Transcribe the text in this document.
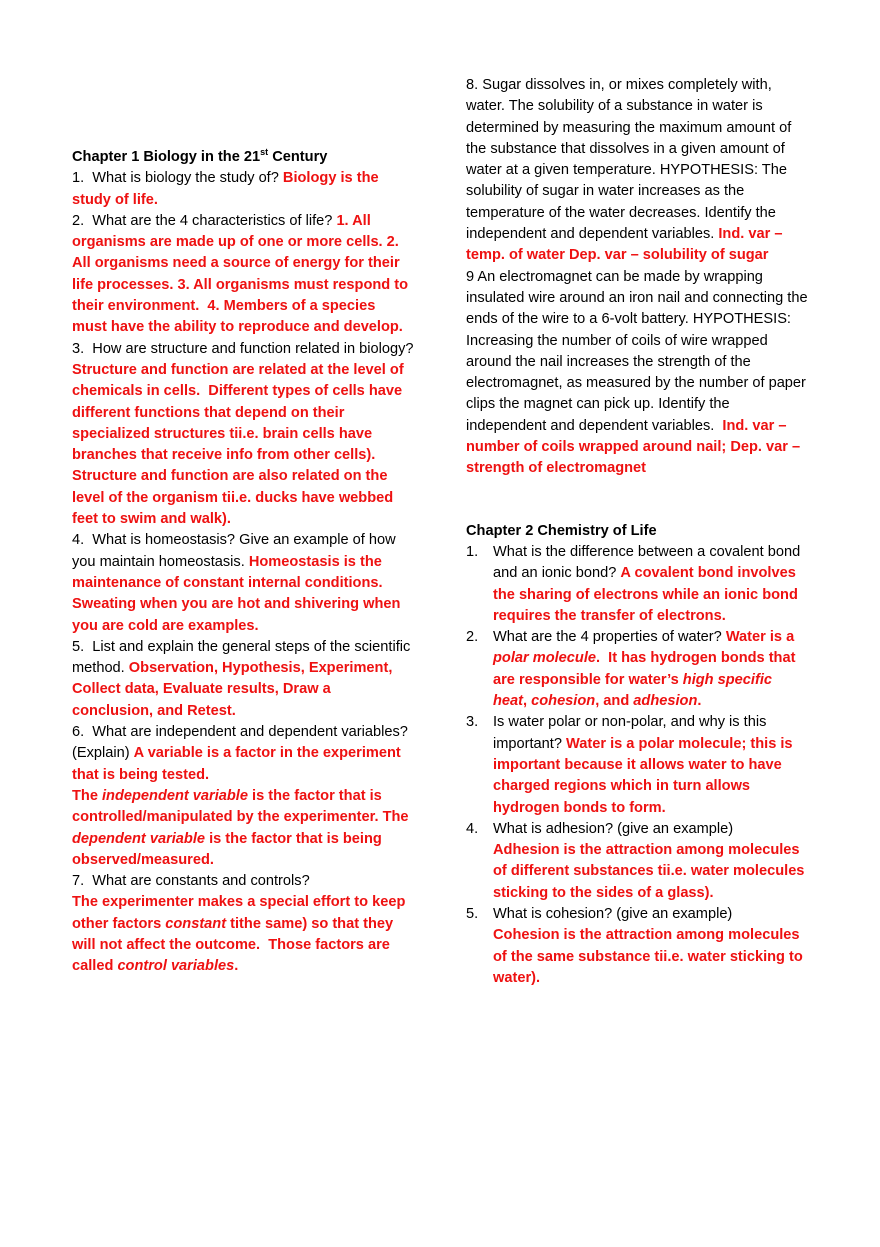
Chapter 1 Biology in the 21st Century
1.  What is biology the study of? Biology is the study of life.
2.  What are the 4 characteristics of life? 1. All organisms are made up of one or more cells. 2. All organisms need a source of energy for their life processes. 3. All organisms must respond to their environment.  4. Members of a species must have the ability to reproduce and develop.
3.  How are structure and function related in biology? Structure and function are related at the level of chemicals in cells.  Different types of cells have different functions that depend on their specialized structures tii.e. brain cells have branches that receive info from other cells). Structure and function are also related on the level of the organism tii.e. ducks have webbed feet to swim and walk).
4.  What is homeostasis? Give an example of how you maintain homeostasis. Homeostasis is the maintenance of constant internal conditions. Sweating when you are hot and shivering when you are cold are examples.
5.  List and explain the general steps of the scientific method. Observation, Hypothesis, Experiment, Collect data, Evaluate results, Draw a conclusion, and Retest.
6.  What are independent and dependent variables? (Explain) A variable is a factor in the experiment that is being tested.
The independent variable is the factor that is controlled/manipulated by the experimenter. The dependent variable is the factor that is being observed/measured.
7.  What are constants and controls?
The experimenter makes a special effort to keep other factors constant tithe same) so that they will not affect the outcome.  Those factors are called control variables.
8. Sugar dissolves in, or mixes completely with, water. The solubility of a substance in water is determined by measuring the maximum amount of the substance that dissolves in a given amount of water at a given temperature. HYPOTHESIS: The solubility of sugar in water increases as the temperature of the water decreases. Identify the independent and dependent variables. Ind. var – temp. of water Dep. var – solubility of sugar
9 An electromagnet can be made by wrapping insulated wire around an iron nail and connecting the ends of the wire to a 6-volt battery. HYPOTHESIS: Increasing the number of coils of wire wrapped around the nail increases the strength of the electromagnet, as measured by the number of paper clips the magnet can pick up. Identify the independent and dependent variables.  Ind. var – number of coils wrapped around nail; Dep. var – strength of electromagnet
Chapter 2 Chemistry of Life
1.	What is the difference between a covalent bond and an ionic bond? A covalent bond involves the sharing of electrons while an ionic bond requires the transfer of electrons.
2.	What are the 4 properties of water? Water is a polar molecule.  It has hydrogen bonds that are responsible for water’s high specific heat, cohesion, and adhesion.
3.	Is water polar or non-polar, and why is this important? Water is a polar molecule; this is important because it allows water to have charged regions which in turn allows hydrogen bonds to form.
4.	What is adhesion? (give an example)
Adhesion is the attraction among molecules of different substances tii.e. water molecules sticking to the sides of a glass).
5.	What is cohesion? (give an example)
Cohesion is the attraction among molecules of the same substance tii.e. water sticking to water).
